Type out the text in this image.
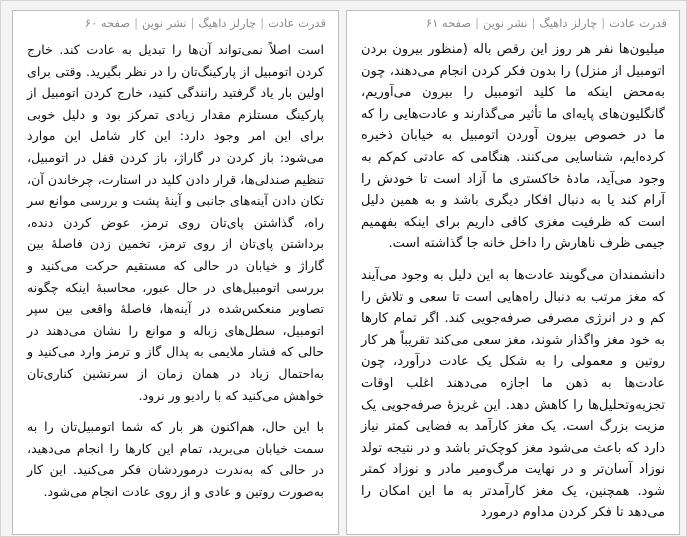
قدرت عادت|چارلز داهیگ|نشر نوین|صفحه ۶۱

میلیون‌ها نفر هر روز این رقص باله (منظور بیرون بردن اتومبیل از منزل) را بدون فکر کردن انجام می‌دهند، چون به‌محض اینکه ما کلید اتومبیل را بیرون می‌آوریم، گانگلیون‌های پایه‌ای ما تأثیر می‌گذارند و عادت‌هایی را که ما در خصوص بیرون آوردن اتومبیل به خیابان ذخیره کرده‌ایم، شناسایی می‌کنند. هنگامی که عادتی کم‌کم به وجود می‌آید، مادۀ خاکستری ما آزاد است تا خودش را آرام کند یا به دنبال افکار دیگری باشد و به همین دلیل است که ظرفیت مغزی کافی داریم برای اینکه بفهمیم جیمی ظرف ناهارش را داخل خانه جا گذاشته است.

دانشمندان می‌گویند عادت‌ها به این دلیل به وجود می‌آیند که مغز مرتب به دنبال راه‌هایی است تا سعی و تلاش را کم و در انرژی مصرفی صرفه‌جویی کند. اگر تمام کارها به خود مغز واگذار شوند، مغز سعی می‌کند تقریباً هر کار روتین و معمولی را به شکل یک عادت درآورد، چون عادت‌ها به ذهن ما اجازه می‌دهند اغلب اوقات تجزیه‌وتحلیل‌ها را کاهش دهد. این غریزۀ صرفه‌جویی یک مزیت بزرگ است. یک مغز کارآمد به فضایی کمتر نیاز دارد که باعث می‌شود مغز کوچک‌تر باشد و در نتیجه تولد نوزاد آسان‌تر و در نهایت مرگ‌ومیر مادر و نوزاد کمتر شود. همچنین، یک مغز کارآمدتر به ما این امکان را می‌دهد تا فکر کردن مداوم درمورد

قدرت عادت|چارلز داهیگ|نشر نوین|صفحه ۶۰

است اصلاً نمی‌تواند آن‌ها را تبدیل به عادت کند. خارج کردن اتومبیل از پارکینگ‌تان را در نظر بگیرید. وقتی برای اولین بار یاد گرفتید رانندگی کنید، خارج کردن اتومبیل از پارکینگ مستلزم مقدار زیادی تمرکز بود و دلیل خوبی برای این امر وجود دارد: این کار شامل این موارد می‌شود: باز کردن در گاراژ، باز کردن قفل در اتومبیل، تنظیم صندلی‌ها، قرار دادن کلید در استارت، چرخاندن آن، تکان دادن آینه‌های جانبی و آینۀ پشت و بررسی موانع سر راه، گذاشتن پای‌تان روی ترمز، عوض کردن دنده، برداشتن پای‌تان از روی ترمز، تخمین زدن فاصلۀ بین گاراژ و خیابان در حالی که مستقیم حرکت می‌کنید و بررسی اتومبیل‌های در حال عبور، محاسبۀ اینکه چگونه تصاویر منعکس‌شده در آینه‌ها، فاصلۀ واقعی بین سپر اتومبیل، سطل‌های زباله و موانع را نشان می‌دهند در حالی که فشار ملایمی به پدال گاز و ترمز وارد می‌کنید و به‌احتمال زیاد در همان زمان از سرنشین کناری‌تان خواهش می‌کنید که با رادیو ور نرود.

با این حال، هم‌اکنون هر بار که شما اتومبیل‌تان را به سمت خیابان می‌برید، تمام این کارها را انجام می‌دهید، در حالی که به‌ندرت درموردشان فکر می‌کنید. این کار به‌صورت روتین و عادی و از روی عادت انجام می‌شود.
